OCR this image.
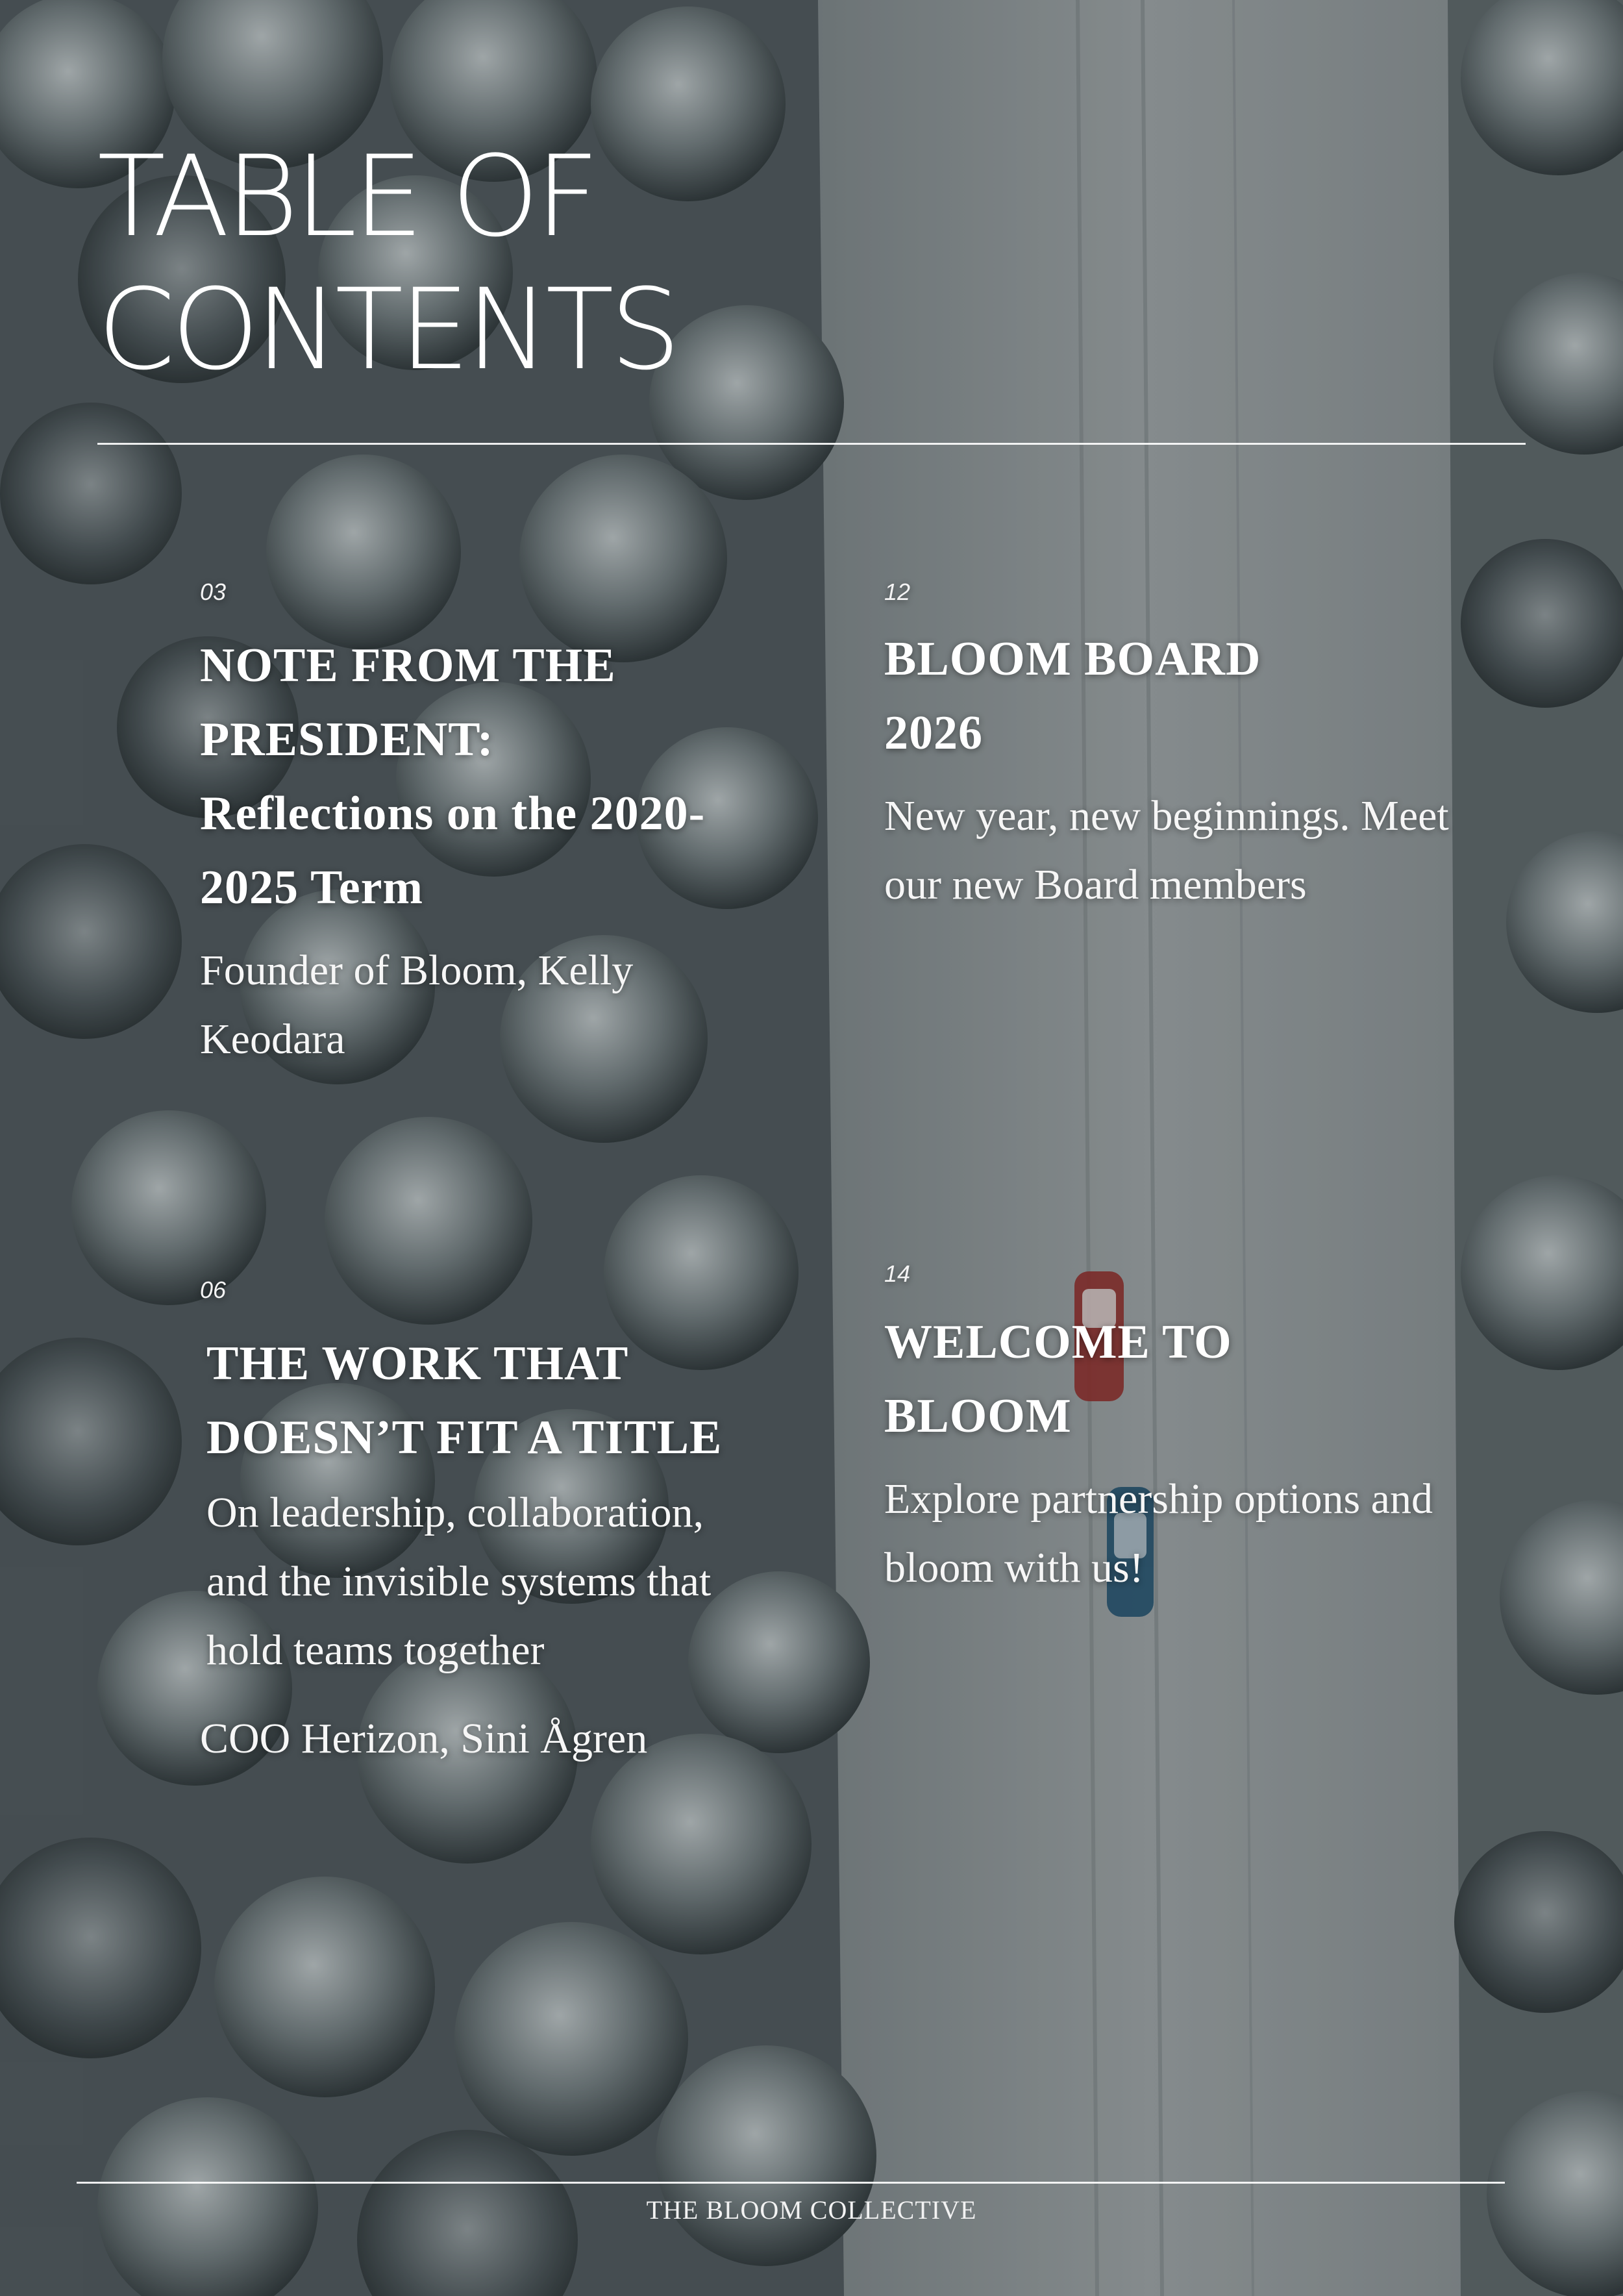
TABLE OF
CONTENTS

03

NOTE FROM THE PRESIDENT:
Reflections on the 2020-2025 Term

Founder of Bloom, Kelly Keodara

12

BLOOM BOARD 2026

New year, new beginnings. Meet our new Board members

06

THE WORK THAT DOESN’T FIT A TITLE

On leadership, collaboration, and the invisible systems that hold teams together

COO Herizon, Sini Ågren

14

WELCOME TO BLOOM

Explore partnership options and bloom with us!

THE BLOOM COLLECTIVE
